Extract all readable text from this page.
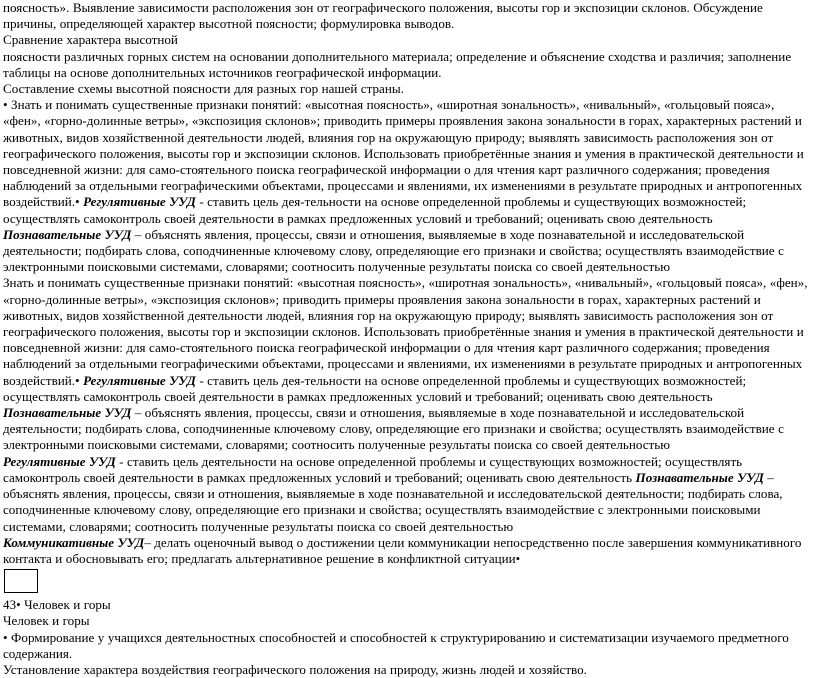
поясность». Выявление зависимости расположения зон от географического положения, высоты гор и экспозиции склонов. Обсуждение причины, определяющей характер высотной поясности; формулировка выводов.

Сравнение характера высотной

поясности различных горных систем на основании дополнительного материала; определение и объяснение сходства и различия; заполнение таблицы на основе дополнительных источников географической информации.

Составление схемы высотной поясности для разных гор нашей страны.

• Знать и понимать существенные признаки понятий: «высотная поясность», «широтная зональность», «нивальный», «гольцовый пояса», «фен», «горно-долинные ветры», «экспозиция склонов»; приводить примеры проявления закона зональности в горах, характерных растений и животных, видов хозяйственной деятельности людей, влияния гор на окружающую природу; выявлять зависимость расположения зон от географического положения, высоты гор и экспозиции склонов. Использовать приобретённые знания и умения в практической деятельности и повседневной жизни: для само-стоятельного поиска географической информации о для чтения карт различного содержания; проведения наблюдений за отдельными географическими объектами, процессами и явлениями, их изменениями в результате природных и антропогенных воздействий.• Регулятивные УУД - ставить цель дея-тельности на основе определенной проблемы и существующих возможностей; осуществлять самоконтроль своей деятельности в рамках предложенных условий и требований; оценивать свою деятельность Познавательные УУД – объяснять явления, процессы, связи и отношения, выявляемые в ходе познавательной и исследовательской деятельности; подбирать слова, соподчиненные ключевому слову, определяющие его признаки и свойства; осуществлять взаимодействие с электронными поисковыми системами, словарями; соотносить полученные результаты поиска со своей деятельностью

Знать и понимать существенные признаки понятий: «высотная поясность», «широтная зональность», «нивальный», «гольцовый пояса», «фен», «горно-долинные ветры», «экспозиция склонов»; приводить примеры проявления закона зональности в горах, характерных растений и животных, видов хозяйственной деятельности людей, влияния гор на окружающую природу; выявлять зависимость расположения зон от географического положения, высоты гор и экспозиции склонов. Использовать приобретённые знания и умения в практической деятельности и повседневной жизни: для само-стоятельного поиска географической информации о для чтения карт различного содержания; проведения наблюдений за отдельными географическими объектами, процессами и явлениями, их изменениями в результате природных и антропогенных воздействий.• Регулятивные УУД - ставить цель дея-тельности на основе определенной проблемы и существующих возможностей; осуществлять самоконтроль своей деятельности в рамках предложенных условий и требований; оценивать свою деятельность Познавательные УУД – объяснять явления, процессы, связи и отношения, выявляемые в ходе познавательной и исследовательской деятельности; подбирать слова, соподчиненные ключевому слову, определяющие его признаки и свойства; осуществлять взаимодействие с электронными поисковыми системами, словарями; соотносить полученные результаты поиска со своей деятельностью

Регулятивные УУД - ставить цель деятельности на основе определенной проблемы и существующих возможностей; осуществлять самоконтроль своей деятельности в рамках предложенных условий и требований; оценивать свою деятельность Познавательные УУД – объяснять явления, процессы, связи и отношения, выявляемые в ходе познавательной и исследовательской деятельности; подбирать слова, соподчиненные ключевому слову, определяющие его признаки и свойства; осуществлять взаимодействие с электронными поисковыми системами, словарями; соотносить полученные результаты поиска со своей деятельностью

Коммуникативные УУД– делать оценочный вывод о достижении цели коммуникации непосредственно после завершения коммуникативного контакта и обосновывать его; предлагать альтернативное решение в конфликтной ситуации•

43• Человек и горы

Человек и горы

• Формирование у учащихся деятельностных способностей и способностей к структурированию и систематизации изучаемого предметного содержания.

Установление характера воздействия географического положения на природу, жизнь людей и хозяйство.
